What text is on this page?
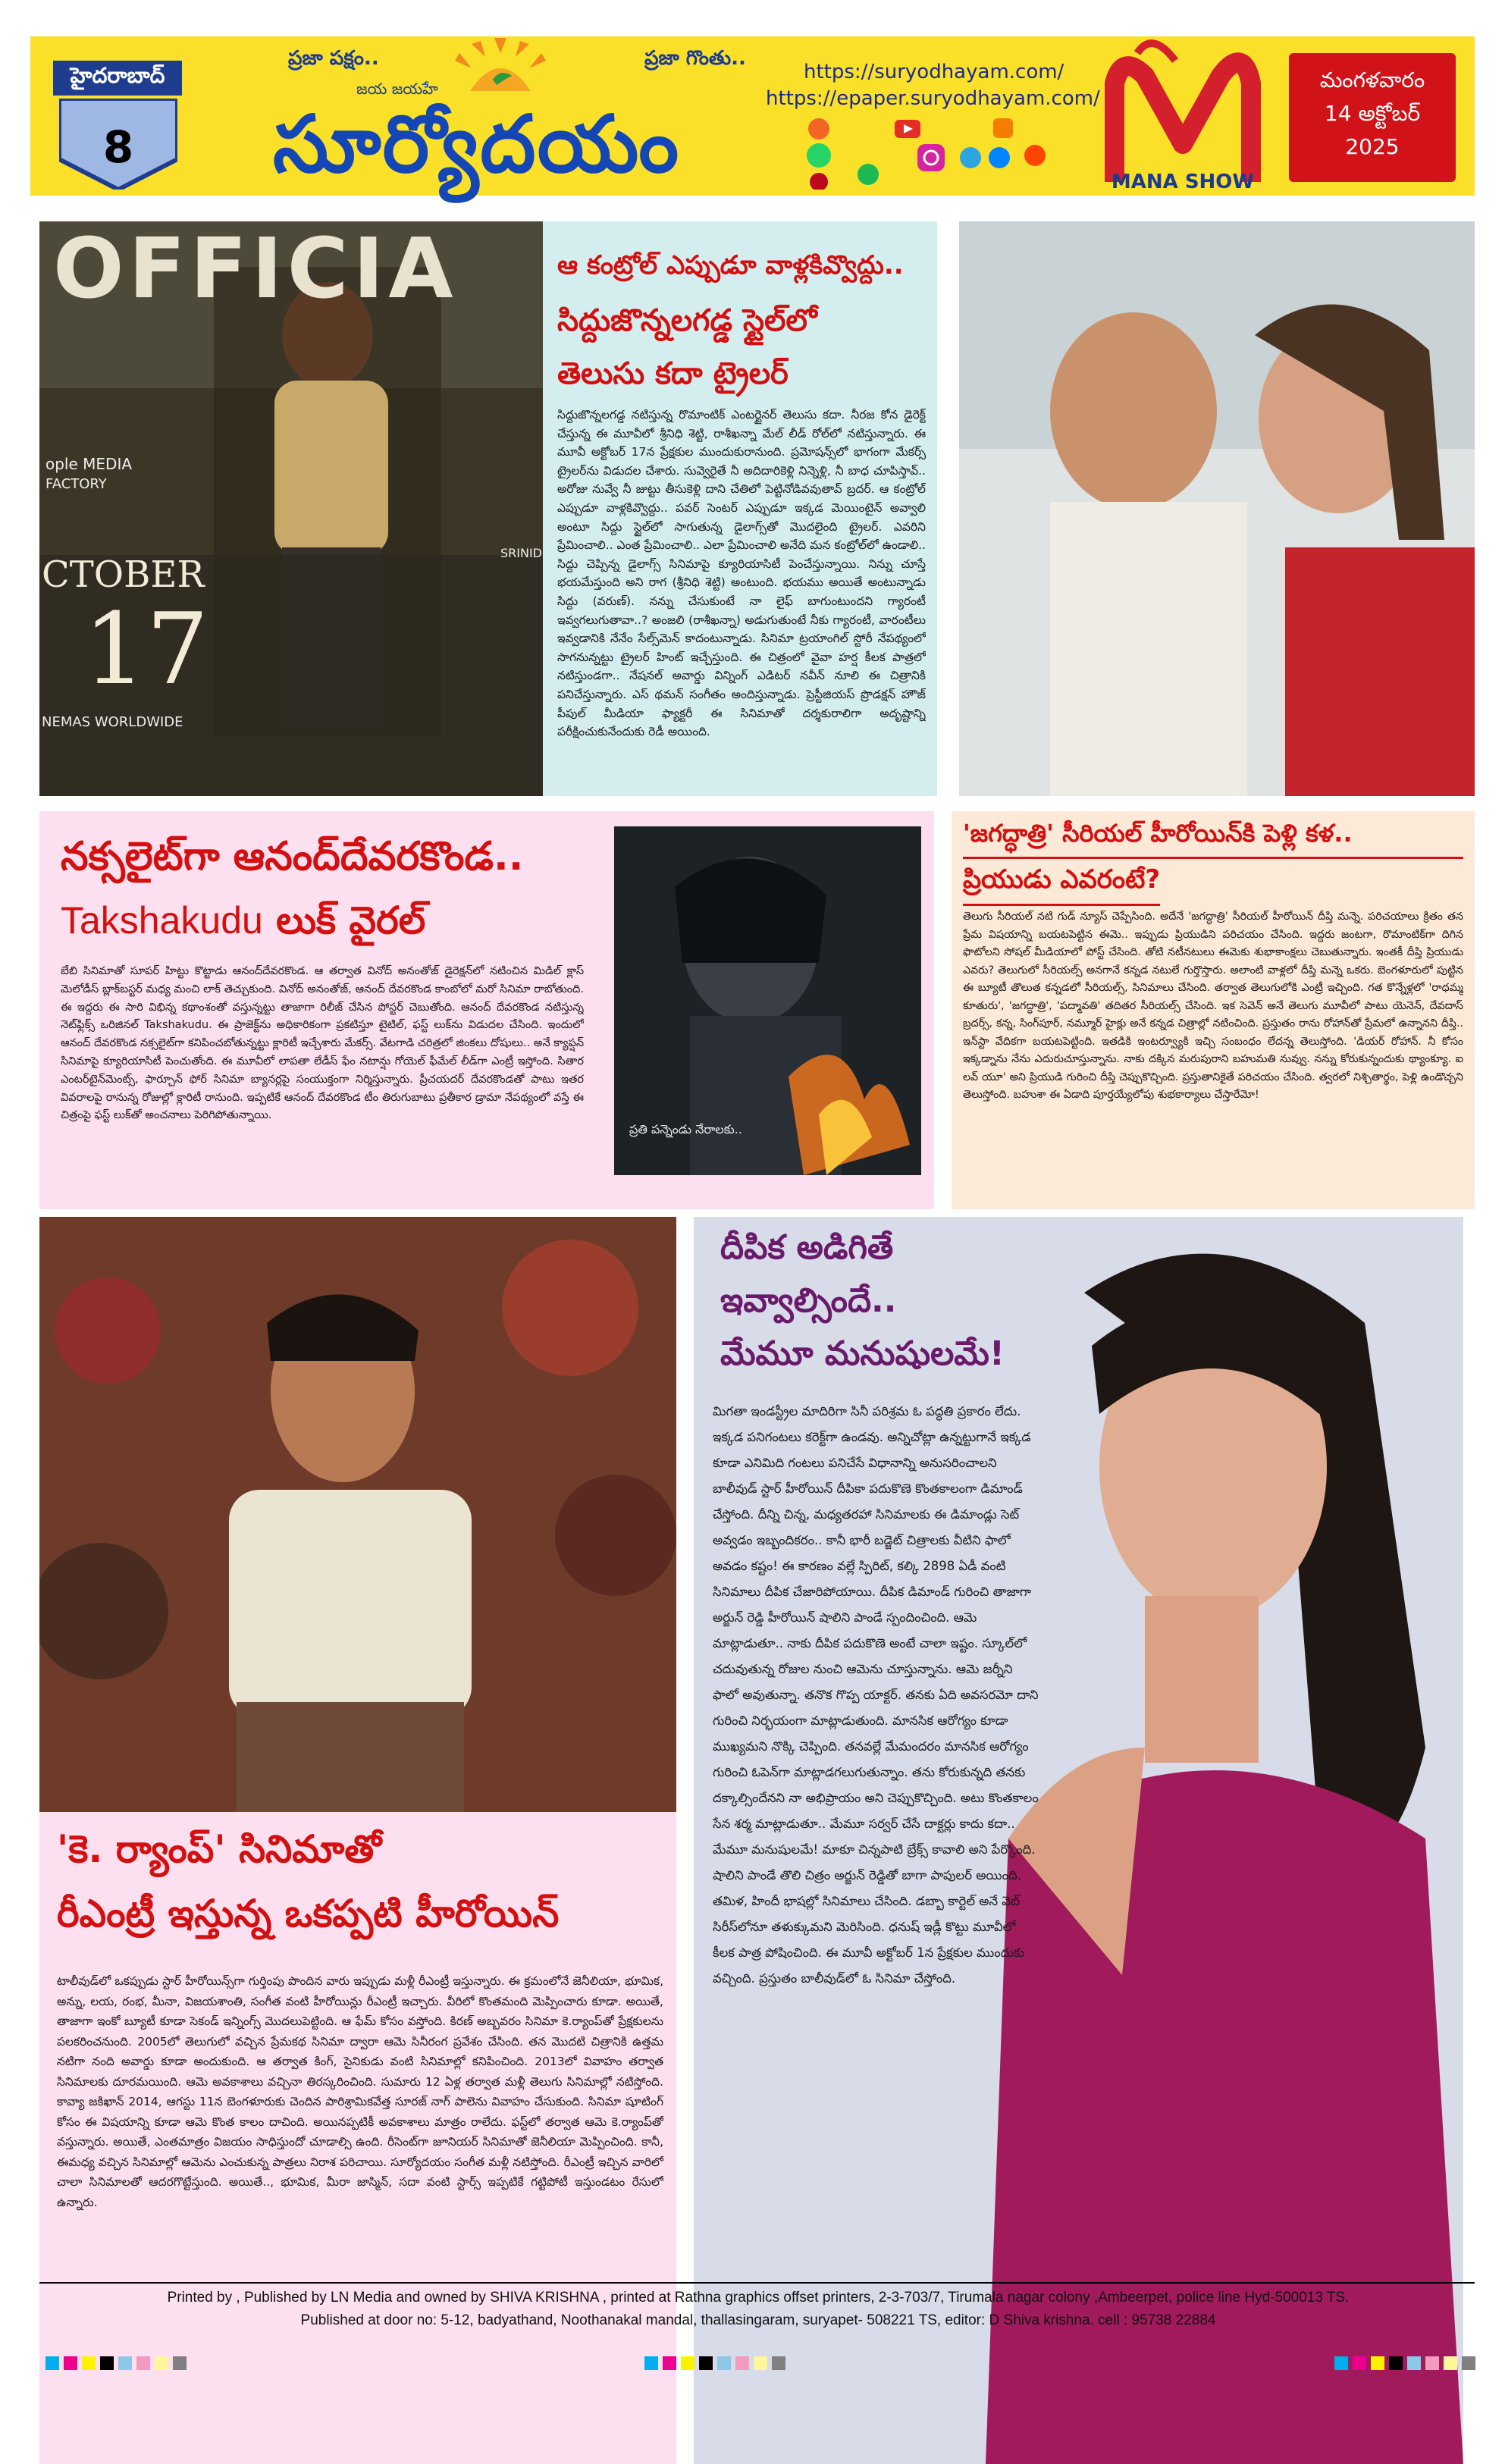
హైదరాబాద్
8
ప్రజా పక్షం..	ప్రజా గొంతు..
జయ జయహే
సూర్యోదయం
https://suryodhayam.com/
https://epaper.suryodhayam.com/
MANA SHOW
మంగళవారం
14 అక్టోబర్
2025
OFFICIA
ople MEDIA
FACTORY
CTOBER
17
NEMAS WORLDWIDE
SRINID
ఆ కంట్రోల్ ఎప్పుడూ వాళ్లకివ్వొద్దు..
సిద్దుజొన్నలగడ్డ స్టైల్‌లో
తెలుసు కదా ట్రైలర్
సిద్దుజొన్నలగడ్డ నటిస్తున్న రొమాంటిక్ ఎంటర్టైనర్ తెలుసు కదా. నీరజ కోన డైరెక్ట్ చేస్తున్న ఈ మూవీలో శ్రీనిధి శెట్టి, రాశీఖన్నా మేల్ లీడ్ రోల్‌లో నటిస్తున్నారు. ఈ మూవీ అక్టోబర్ 17న ప్రేక్షకుల ముందుకురానుంది. ప్రమోషన్స్‌లో భాగంగా మేకర్స్ ట్రైలర్‌ను విడుదల చేశారు. సువ్వెరైతే నీ అదిదారికెళ్లి నిన్నెళ్లి, నీ బాధ చూపిస్తావ్.. అరోజు నువ్వే నీ జుట్టు తీసుకెళ్లి దాని చేతిలో పెట్టినోడివవుతావ్ బ్రదర్. ఆ కంట్రోల్ ఎప్పుడూ వాళ్లకివ్వొద్దు.. పవర్ సెంటర్ ఎప్పుడూ ఇక్కడ మెయింటైన్ అవ్వాలి అంటూ సిద్దు స్టైల్‌లో సాగుతున్న డైలాగ్స్‌తో మొదలైంది ట్రైలర్. ఎవరిని ప్రేమించాలి.. ఎంత ప్రేమించాలి.. ఎలా ప్రేమించాలి అనేది మన కంట్రోల్‌లో ఉండాలి.. సిద్దు చెప్పిన్న డైలాగ్స్ సినిమాపై క్యూరియాసిటీ పెంచేస్తున్నాయి. నిన్ను చూస్తే భయమేస్తుంది అని రాగ (శ్రీనిధి శెట్టి) అంటుంది. భయము అయితే అంటున్నాడు సిద్దు (వరుణ్). నన్ను చేసుకుంటే నా లైఫ్ బాగుంటుందని గ్యారంటీ ఇవ్వగలుగుతావా..? అంజలి (రాశీఖన్నా) అడుగుతుంటే నీకు గ్యారంటీ, వారంటీలు ఇవ్వడానికి నేనేం సేల్స్‌మెన్ కాదంటున్నాడు. సినిమా ట్రయాంగిల్ స్టోరీ నేపథ్యంలో సాగనున్నట్టు ట్రైలర్ హింట్ ఇచ్చేస్తుంది. ఈ చిత్రంలో వైవా హర్ష కీలక పాత్రలో నటిస్తుండగా.. నేషనల్ అవార్డు విన్నింగ్ ఎడిటర్ నవీన్ నూలి ఈ చిత్రానికి పనిచేస్తున్నారు. ఎస్ థమన్ సంగీతం అందిస్తున్నాడు. ప్రెస్టీజియస్ ప్రొడక్షన్ హౌజ్ పీపుల్ మీడియా ఫ్యాక్టరీ ఈ సినిమాతో దర్శకురాలిగా అదృష్టాన్ని పరీక్షించుకునేందుకు రెడీ అయింది.
నక్సలైట్‌గా ఆనంద్‌దేవరకొండ..
Takshakudu లుక్ వైరల్
బేబి సినిమాతో సూపర్ హిట్టు కొట్టాడు ఆనంద్‌దేవరకొండ. ఆ తర్వాత వినోద్ అనంతోజ్ డైరెక్షన్‌లో నటించిన మిడిల్ క్లాస్ మెలోడీస్ బ్లాక్‌బస్టర్ మధ్య మంచి లాక్ తెచ్చుకుంది. వినోద్ అనంతోజ్, ఆనంద్ దేవరకొండ కాంబోలో మరో సినిమా రాబోతుంది. ఈ ఇద్దరు ఈ సారి విభిన్న కథాంశంతో వస్తున్నట్టు తాజాగా రిలీజ్ చేసిన పోస్టర్ చెబుతోంది. ఆనంద్ దేవరకొండ నటిస్తున్న నెట్‌ఫ్లిక్స్ ఒరిజినల్ Takshakudu. ఈ ప్రాజెక్ట్‌ను అధికారికంగా ప్రకటిస్తూ టైటిల్, ఫస్ట్ లుక్‌ను విడుదల చేసింది. ఇందులో ఆనంద్ దేవరకొండ నక్సలైట్‌గా కనిపించబోతున్నట్టు క్లారిటీ ఇచ్చేశారు మేకర్స్. వేటగాడి చరిత్రలో జింకలు దోషులు.. అనే క్యాప్షన్ సినిమాపై క్యూరియాసిటీ పెంచుతోంది. ఈ మూవీలో లాపతా లేడీస్ ఫేం నటాన్షు గోయెల్ ఫీమేల్ లీడ్‌గా ఎంట్రీ ఇస్తోంది. సితార ఎంటర్‌టైన్‌మెంట్స్, ఫార్చూన్ ఫోర్ సినిమా బ్యానర్లపై సంయుక్తంగా నిర్మిస్తున్నారు. ప్రీచయదర్ దేవరకొండతో పాటు ఇతర వివరాలపై రానున్న రోజుల్లో క్లారిటీ రానుంది. ఇప్పటికే ఆనంద్ దేవరకొండ టీం తిరుగుబాటు ప్రతీకార డ్రామా నేపథ్యంలో వస్తే ఈ చిత్రంపై ఫస్ట్ లుక్‌తో అంచనాలు పెరిగిపోతున్నాయి.
ప్రతి పన్నెండు నేరాలకు..
'జగద్ధాత్రి' సీరియల్ హీరోయిన్‌కి పెళ్లి కళ..
ప్రియుడు ఎవరంటే?
తెలుగు సీరియల్ నటి గుడ్ న్యూస్ చెప్పేసింది. అదేనే 'జగద్ధాత్రి' సీరియల్ హీరోయిన్ దీప్తి మన్నె. పరిచయాలు క్రితం తన ప్రేమ విషయాన్ని బయటపెట్టిన ఈమె.. ఇప్పుడు ప్రియుడిని పరిచయం చేసింది. ఇద్దరు జంటగా, రొమాంటిక్‌గా దిగిన ఫొటోలని సోషల్ మీడియాలో పోస్ట్ చేసింది. తోటి నటీనటులు ఈమెకు శుభాకాంక్షలు చెబుతున్నారు. ఇంతకీ దీప్తి ప్రియుడు ఎవరు? తెలుగులో సీరియల్స్ అనగానే కన్నడ నటులే గుర్తొస్తారు. అలాంటి వాళ్లలో దీప్తి మన్నె ఒకరు. బెంగళూరులో పుట్టిన ఈ బ్యూటీ తొలుత కన్నడలో సీరియల్స్, సినిమాలు చేసింది. తర్వాత తెలుగులోకి ఎంట్రీ ఇచ్చింది. గత కొన్నేళ్లలో 'రాధమ్మ కూతురు', 'జగద్ధాత్రి', 'పద్మావతి' తదితర సీరియల్స్ చేసింది. ఇక సెవెన్ అనే తెలుగు మూవీలో పాటు యెనెన్, దేవదాస్ బ్రదర్స్, కన్న, సింగ్‌పూర్, నమ్మూర్ హైక్లు అనే కన్నడ చిత్రాల్లో నటించింది. ప్రస్తుతం రాను రోహాన్‌తో ప్రేమలో ఉన్నానని దీప్తి.. ఇన్‌స్టా వేదికగా బయటపెట్టింది. ఇతడికి ఇంటర్వ్యూకి ఇచ్చి సంబంధం లేదన్న తెలుస్తోంది. 'డియర్ రోహాన్. నీ కోసం ఇక్కడ్నాను నేను ఎదురుచూస్తున్నాను. నాకు దక్కిన మరుపురాని బహుమతి నువ్వు. నన్ను కోరుకున్నందుకు థ్యాంక్యూ. ఐ లవ్ యూ' అని ప్రియుడి గురించి దీప్తి చెప్పుకొచ్చింది. ప్రస్తుతానికైతే పరిచయం చేసింది. త్వరలో నిశ్చితార్థం, పెళ్లి ఉండొచ్చని తెలుస్తోంది. బహుశా ఈ ఏడాది పూర్తయ్యేలోపు శుభకార్యాలు చేస్తారేమో!
'కె. ర్యాంప్' సినిమాతో
రీఎంట్రీ ఇస్తున్న ఒకప్పటి హీరోయిన్
టాలీవుడ్‌లో ఒకప్పుడు స్టార్ హీరోయిన్స్‌గా గుర్తింపు పొందిన వారు ఇప్పుడు మళ్లీ రీఎంట్రీ ఇస్తున్నారు. ఈ క్రమంలోనే జెనీలియా, భూమిక, అన్ను, లయ, రంభ, మీనా, విజయశాంతి, సంగీత వంటి హీరోయిన్లు రీఎంట్రీ ఇచ్చారు. వీరిలో కొంతమంది మెప్పించారు కూడా. అయితే, తాజాగా ఇంకో బ్యూటీ కూడా సెకండ్ ఇన్నింగ్స్ మొదలుపెట్టింది. ఆ ఫేమ్ కోసం వస్తోంది. కిరణ్ అబ్బవరం సినిమా కె.ర్యాంప్‌తో ప్రేక్షకులను పలకరించనుంది. 2005లో తెలుగులో వచ్చిన ప్రేమకథ సినిమా ద్వారా ఆమె సినీరంగ ప్రవేశం చేసింది. తన మొదటి చిత్రానికి ఉత్తమ నటిగా నంది అవార్డు కూడా అందుకుంది. ఆ తర్వాత కింగ్, సైనికుడు వంటి సినిమాల్లో కనిపించింది. 2013లో వివాహం తర్వాత సినిమాలకు దూరమయింది. ఆమె అవకాశాలు వచ్చినా తిరస్కరించింది. సుమారు 12 ఏళ్ల తర్వాత మళ్లీ తెలుగు సినిమాల్లో నటిస్తోంది. కావ్యా జకిఖాన్ 2014, ఆగస్టు 11న బెంగళూరుకు చెందిన పారిశ్రామికవేత్త సూరజ్ నాగ్ పాలెను వివాహం చేసుకుంది. సినిమా షూటింగ్ కోసం ఈ విషయాన్ని కూడా ఆమె కొంత కాలం దాచింది. అయినప్పటికీ అవకాశాలు మాత్రం రాలేదు. ఫస్ట్‌లో తర్వాత ఆమె కె.ర్యాంప్‌తో వస్తున్నారు. అయితే, ఎంతమాత్రం విజయం సాధిస్తుందో చూడాల్సి ఉంది. రీసెంట్‌గా జూనియర్ సినిమాతో జెనీలియా మెప్పించింది. కానీ, ఈమధ్య వచ్చిన సినిమాల్లో ఆమెను ఎంచుకున్న పాత్రలు నిరాశ పరిచాయి. సూర్యోదయం సంగీత మళ్లీ నటిస్తోంది. రీఎంట్రీ ఇచ్చిన వారిలో చాలా సినిమాలతో ఆదరగొట్టేస్తుంది. అయితే.., భూమిక, మీరా జాస్మిన్, సదా వంటి స్టార్స్ ఇప్పటికే గట్టిపోటీ ఇస్తుండటం రేసులో ఉన్నారు.
దీపిక అడిగితే
ఇవ్వాల్సిందే..
మేమూ మనుషులమే!
మిగతా ఇండస్ట్రీల మాదిరిగా సినీ పరిశ్రమ ఓ పద్ధతి ప్రకారం లేదు. ఇక్కడ పనిగంటలు కరెక్ట్‌గా ఉండవు. అన్నిచోట్లా ఉన్నట్టుగానే ఇక్కడ కూడా ఎనిమిది గంటలు పనిచేసే విధానాన్ని అనుసరించాలని బాలీవుడ్ స్టార్ హీరోయిన్ దీపికా పదుకొణె కొంతకాలంగా డిమాండ్ చేస్తోంది. దీన్ని చిన్న, మధ్యతరహా సినిమాలకు ఈ డిమాండ్లు సెట్ అవ్వడం ఇబ్బందికరం.. కానీ భారీ బడ్జెట్ చిత్రాలకు వీటిని ఫాలో అవడం కష్టం! ఈ కారణం వల్లే స్పిరిట్, కల్కి 2898 ఏడీ వంటి సినిమాలు దీపిక చేజారిపోయాయి. దీపిక డిమాండ్ గురించి తాజాగా అర్జున్ రెడ్డి హీరోయిన్ షాలిని పాండే స్పందించింది. ఆమె మాట్లాడుతూ.. నాకు దీపిక పదుకొణె అంటే చాలా ఇష్టం. స్కూల్‌లో చదువుతున్న రోజుల నుంచి ఆమెను చూస్తున్నాను. ఆమె జర్నీని ఫాలో అవుతున్నా. తనొక గొప్ప యాక్టర్. తనకు ఏది అవసరమో దాని గురించి నిర్భయంగా మాట్లాడుతుంది. మానసిక ఆరోగ్యం కూడా ముఖ్యమని నొక్కి చెప్పింది. తనవల్లే మేమందరం మానసిక ఆరోగ్యం గురించి ఓపెన్‌గా మాట్లాడగలుగుతున్నాం. తను కోరుకున్నది తనకు దక్కాల్సిందేనని నా అభిప్రాయం అని చెప్పుకొచ్చింది. అటు కొంతకాలం సేన శర్మ మాట్లాడుతూ.. మేమూ సర్వర్ చేసే దాక్టర్లు కాదు కదా.. మేమూ మనుషులమే! మాకూ చిన్నపాటి బ్రేక్స్ కావాలి అని పేర్కొంది. షాలిని పాండే తొలి చిత్రం అర్జున్ రెడ్డితో బాగా పాపులర్ అయింది. తమిళ, హిందీ భాషల్లో సినిమాలు చేసింది. డబ్బా కార్టెల్ అనే వెబ్ సిరీస్‌లోనూ తళుక్కుమని మెరిసింది. ధనుష్ ఇడ్లీ కొట్టు మూవీలో కీలక పాత్ర పోషించింది. ఈ మూవీ అక్టోబర్ 1న ప్రేక్షకుల ముందుకు వచ్చింది. ప్రస్తుతం బాలీవుడ్‌లో ఓ సినిమా చేస్తోంది.
Printed by , Published by LN Media and owned by SHIVA KRISHNA , printed at Rathna graphics offset printers, 2-3-703/7, Tirumala nagar colony ,Ambeerpet, police line Hyd-500013 TS.
Published at door no: 5-12, badyathand, Noothanakal mandal, thallasingaram, suryapet- 508221 TS, editor: D Shiva krishna. cell : 95738 22884
